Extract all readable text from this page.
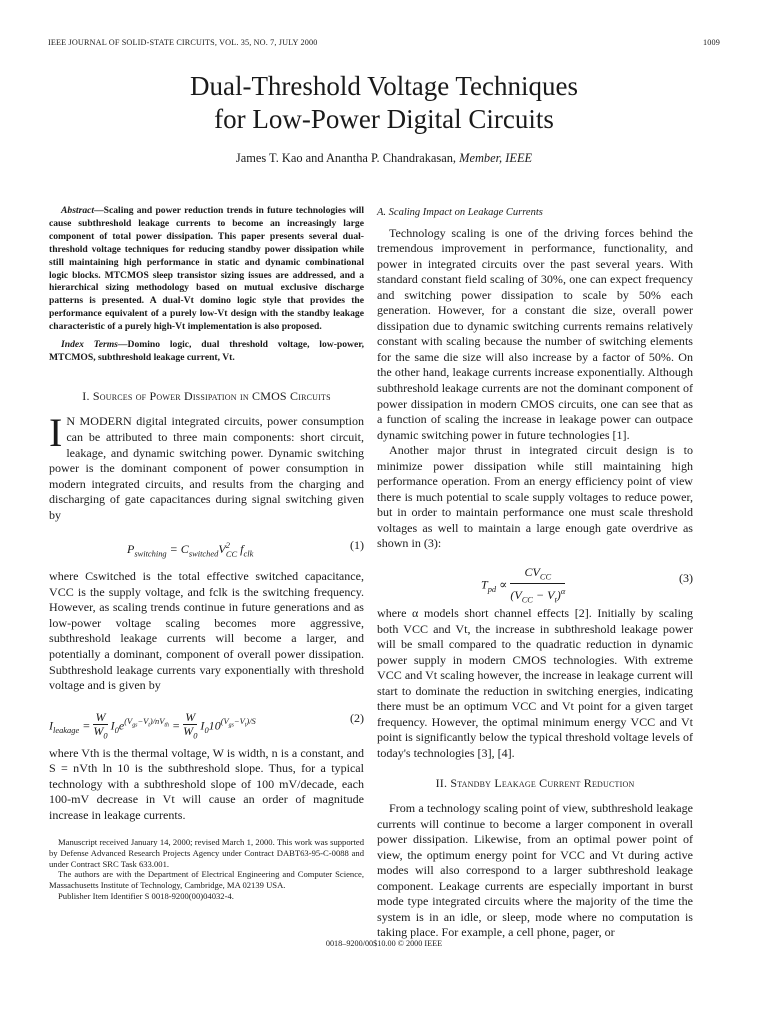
IEEE JOURNAL OF SOLID-STATE CIRCUITS, VOL. 35, NO. 7, JULY 2000	1009
Dual-Threshold Voltage Techniques
for Low-Power Digital Circuits
James T. Kao and Anantha P. Chandrakasan, Member, IEEE

Abstract—Scaling and power reduction trends in future technologies will cause subthreshold leakage currents to become an increasingly large component of total power dissipation. This paper presents several dual-threshold voltage techniques for reducing standby power dissipation while still maintaining high performance in static and dynamic combinational logic blocks. MTCMOS sleep transistor sizing issues are addressed, and a hierarchical sizing methodology based on mutual exclusive discharge patterns is presented. A dual-Vt domino logic style that provides the performance equivalent of a purely low-Vt design with the standby leakage characteristic of a purely high-Vt implementation is also proposed.

Index Terms—Domino logic, dual threshold voltage, low-power, MTCMOS, subthreshold leakage current, Vt.

I. Sources of Power Dissipation in CMOS Circuits

I N MODERN digital integrated circuits, power consumption can be attributed to three main components: short circuit, leakage, and dynamic switching power. Dynamic switching power is the dominant component of power consumption in modern integrated circuits, and results from the charging and discharging of gate capacitances during signal switching given by

$P_{switching} = C_{switched}V^2_{CC}$ $f_{clk}$
(1)

where Cswitched is the total effective switched capacitance, VCC is the supply voltage, and fclk is the switching frequency. However, as scaling trends continue in future generations and as low-power voltage scaling becomes more aggressive, subthreshold leakage currents will become a larger, and potentially a dominant, component of overall power dissipation. Subthreshold leakage currents vary exponentially with threshold voltage and is given by

$I_{leakage} = \frac{W}{W_0} I_0e^{(V_{gs}-V_t)/nV_{th}} = \frac{W}{W_0} I_010^{(V_{gs}-V_t)/S}$	(2)

where Vth is the thermal voltage, W is width, n is a constant, and S = nVth ln 10 is the subthreshold slope. Thus, for a typical technology with a subthreshold slope of 100 mV/decade, each 100-mV decrease in Vt will cause an order of magnitude increase in leakage currents.

Manuscript received January 14, 2000; revised March 1, 2000. This work was supported by Defense Advanced Research Projects Agency under Contract DABT63-95-C-0088 and under Contract SRC Task 633.001.

The authors are with the Department of Electrical Engineering and Computer Science, Massachusetts Institute of Technology, Cambridge, MA 02139 USA.

Publisher Item Identifier S 0018-9200(00)04032-4.

A. Scaling Impact on Leakage Currents

Technology scaling is one of the driving forces behind the tremendous improvement in performance, functionality, and power in integrated circuits over the past several years. With standard constant field scaling of 30%, one can expect frequency and switching power dissipation to scale by 50% each generation. However, for a constant die size, overall power dissipation due to dynamic switching currents remains relatively constant with scaling because the number of switching elements for the same die size will also increase by a factor of 50%. On the other hand, leakage currents increase exponentially. Although subthreshold leakage currents are not the dominant component of power dissipation in modern CMOS circuits, one can see that as a function of scaling the increase in leakage power can outpace dynamic switching power in future technologies [1].

Another major thrust in integrated circuit design is to minimize power dissipation while still maintaining high performance operation. From an energy efficiency point of view there is much potential to scale supply voltages to reduce power, but in order to maintain performance one must scale threshold voltages as well to maintain a large enough gate overdrive as shown in (3):

$T_{pd}$ ∝
$CV_{CC}$
$(V_{CC} - V_t)^\alpha$
(3)

where α models short channel effects [2]. Initially by scaling both VCC and Vt, the increase in subthreshold leakage power will be small compared to the quadratic reduction in dynamic power supply in modern CMOS technologies. With extreme VCC and Vt scaling however, the increase in leakage current will start to dominate the reduction in switching energies, indicating there must be an optimum VCC and Vt point for a given target frequency. However, the optimal minimum energy VCC and Vt point is significantly below the typical threshold voltage levels of today's technologies [3], [4].

II. Standby Leakage Current Reduction

From a technology scaling point of view, subthreshold leakage currents will continue to become a larger component in overall power dissipation. Likewise, from an optimal power point of view, the optimum energy point for VCC and Vt during active modes will also correspond to a larger subthreshold leakage component. Leakage currents are especially important in burst mode type integrated circuits where the majority of the time the system is in an idle, or sleep, mode where no computation is taking place. For example, a cell phone, pager, or

0018–9200/00$10.00 © 2000 IEEE
